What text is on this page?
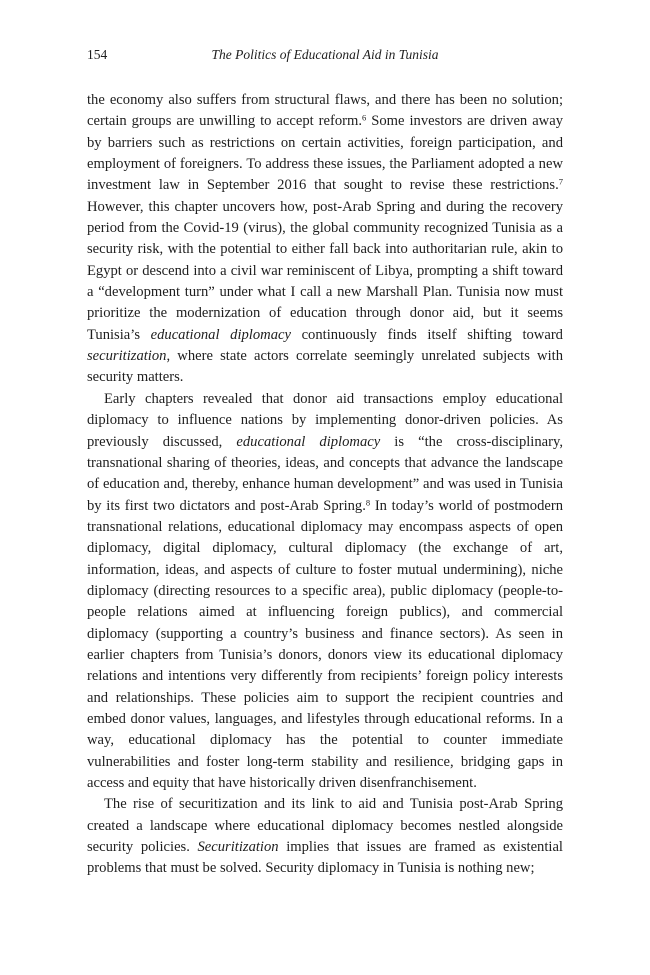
154	The Politics of Educational Aid in Tunisia

the economy also suffers from structural flaws, and there has been no solution; certain groups are unwilling to accept reform.$^6$ Some investors are driven away by barriers such as restrictions on certain activities, foreign participation, and employment of foreigners. To address these issues, the Parliament adopted a new investment law in September 2016 that sought to revise these restrictions.$^7$ However, this chapter uncovers how, post-Arab Spring and during the recovery period from the Covid-19 (virus), the global community recognized Tunisia as a security risk, with the potential to either fall back into authoritarian rule, akin to Egypt or descend into a civil war reminiscent of Libya, prompting a shift toward a “development turn” under what I call a new Marshall Plan. Tunisia now must prioritize the modernization of education through donor aid, but it seems Tunisia’s educational diplomacy continuously finds itself shifting toward securitization, where state actors correlate seemingly unrelated subjects with security matters.

Early chapters revealed that donor aid transactions employ educational diplomacy to influence nations by implementing donor-driven policies. As previously discussed, educational diplomacy is “the cross-disciplinary, transnational sharing of theories, ideas, and concepts that advance the landscape of education and, thereby, enhance human development” and was used in Tunisia by its first two dictators and post-Arab Spring.$^8$ In today’s world of postmodern transnational relations, educational diplomacy may encompass aspects of open diplomacy, digital diplomacy, cultural diplomacy (the exchange of art, information, ideas, and aspects of culture to foster mutual undermining), niche diplomacy (directing resources to a specific area), public diplomacy (people-to-people relations aimed at influencing foreign publics), and commercial diplomacy (supporting a country’s business and finance sectors). As seen in earlier chapters from Tunisia’s donors, donors view its educational diplomacy relations and intentions very differently from recipients’ foreign policy interests and relationships. These policies aim to support the recipient countries and embed donor values, languages, and lifestyles through educational reforms. In a way, educational diplomacy has the potential to counter immediate vulnerabilities and foster long-term stability and resilience, bridging gaps in access and equity that have historically driven disenfranchisement.

The rise of securitization and its link to aid and Tunisia post-Arab Spring created a landscape where educational diplomacy becomes nestled alongside security policies. Securitization implies that issues are framed as existential problems that must be solved. Security diplomacy in Tunisia is nothing new;
